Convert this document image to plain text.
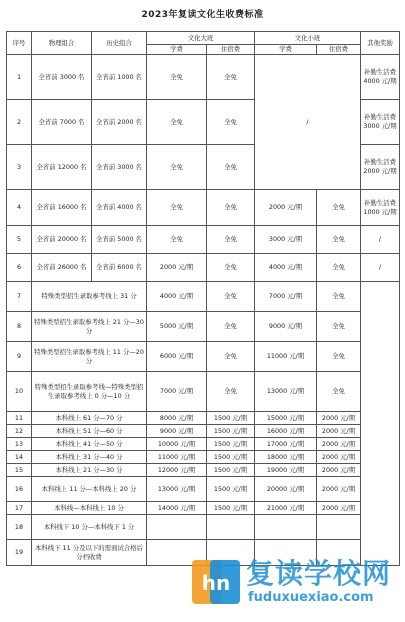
2023年复读文化生收费标准
序号	物理组合	历史组合	文化大班		文化小班		其他奖励
			学费	住宿费	学费	住宿费	
1	全省前 3000 名	全省前 1000 名	全免	全免	/		补勤生活费 4000 元/期
2	全省前 7000 名	全省前 2000 名	全免	全免			补勤生活费 3000 元/期
3	全省前 12000 名	全省前 3000 名	全免	全免			补勤生活费 2000 元/期
4	全省前 16000 名	全省前 4000 名	全免	全免	2000 元/期	全免	补勤生活费 1000 元/期
5	全省前 20000 名	全省前 5000 名	全免	全免	3000 元/期	全免	/
6	全省前 26000 名	全省前 6000 名	2000 元/期	全免	4000 元/期	全免	/
7	特殊类型招生录取参考线上 31 分		4000 元/期	全免	7000 元/期	全免	
8	特殊类型招生录取参考线上 21 分—30 分		5000 元/期	全免	9000 元/期	全免	
9	特殊类型招生录取参考线上 11 分—20 分		6000 元/期	全免	11000 元/期	全免	
10	特殊类型招生录取参考线—特殊类型招生录取参考线上 0 分—10 分		7000 元/期	全免	13000 元/期	全免	
11	本科线上 61 分—70 分		8000 元/期	1500 元/期	15000 元/期	2000 元/期	
12	本科线上 51 分—60 分		9000 元/期	1500 元/期	16000 元/期	2000 元/期	
13	本科线上 41 分—50 分		10000 元/期	1500 元/期	17000 元/期	2000 元/期	
14	本科线上 31 分—40 分		11000 元/期	1500 元/期	18000 元/期	2000 元/期	
15	本科线上 21 分—30 分		12000 元/期	1500 元/期	19000 元/期	2000 元/期	
16	本科线上 11 分—本科线上 20 分		13000 元/期	1500 元/期	20000 元/期	2000 元/期	
17	本科线—本科线上 10 分		14000 元/期	1500 元/期	21000 元/期	2000 元/期	
18	本科线下 10 分—本科线下 1 分						
19	本科线下 11 分及以下的需面试合格后分档收费						
hn 复读学校网
fuduxuexiao.com
